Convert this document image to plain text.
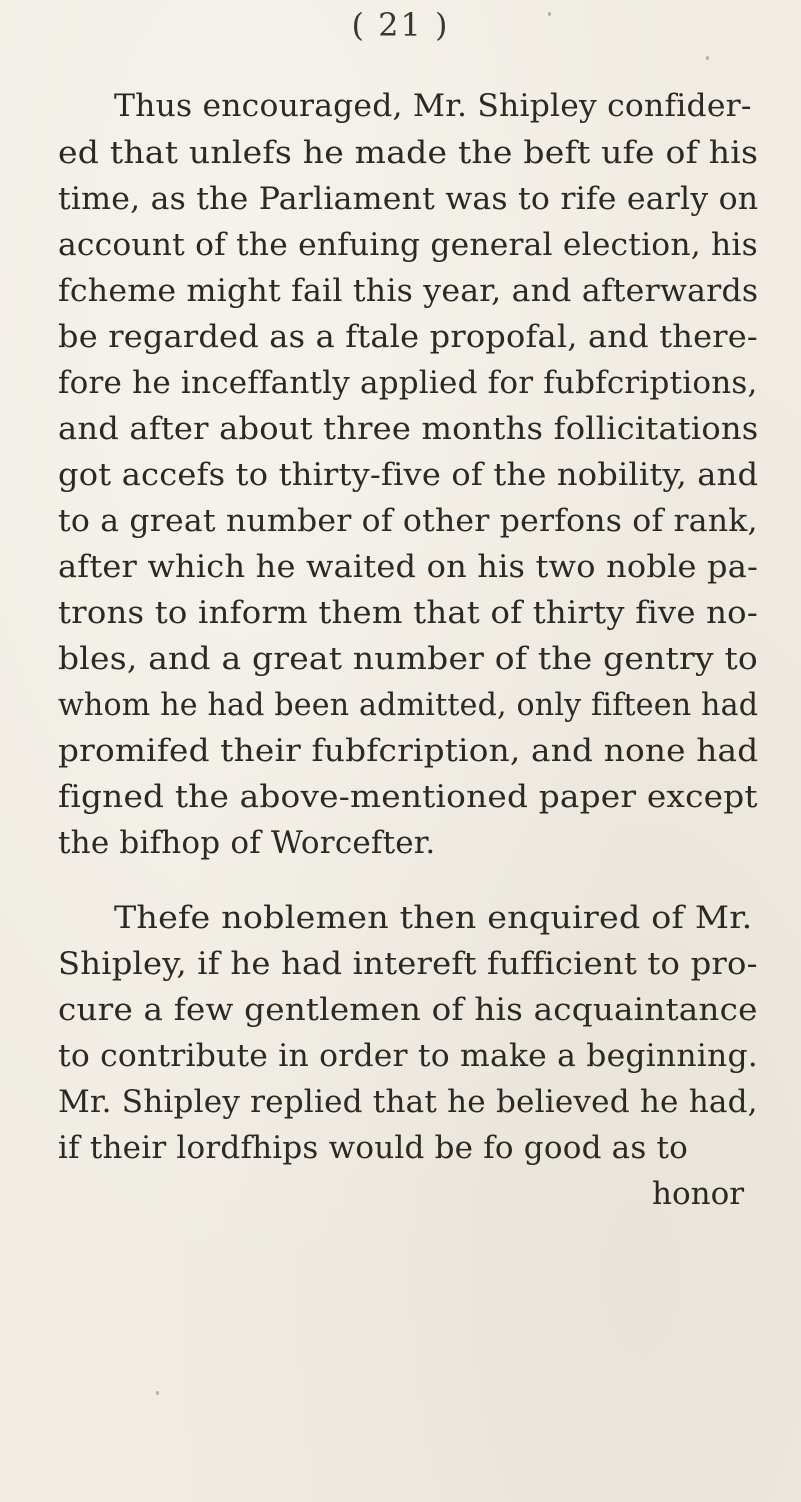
( 21 )
Thus encouraged, Mr. Shipley confider-
ed that unlefs he made the beft ufe of his
time, as the Parliament was to rife early on
account of the enfuing general election, his
fcheme might fail this year, and afterwards
be regarded as a ftale propofal, and there-
fore he inceffantly applied for fubfcriptions,
and after about three months follicitations
got accefs to thirty-five of the nobility, and
to a great number of other perfons of rank,
after which he waited on his two noble pa-
trons to inform them that of thirty five no-
bles, and a great number of the gentry to
whom he had been admitted, only fifteen had
promifed their fubfcription, and none had
figned the above-mentioned paper except
the bifhop of Worcefter.
Thefe noblemen then enquired of Mr.
Shipley, if he had intereft fufficient to pro-
cure a few gentlemen of his acquaintance
to contribute in order to make a beginning.
Mr. Shipley replied that he believed he had,
if their lordfhips would be fo good as to
honor
